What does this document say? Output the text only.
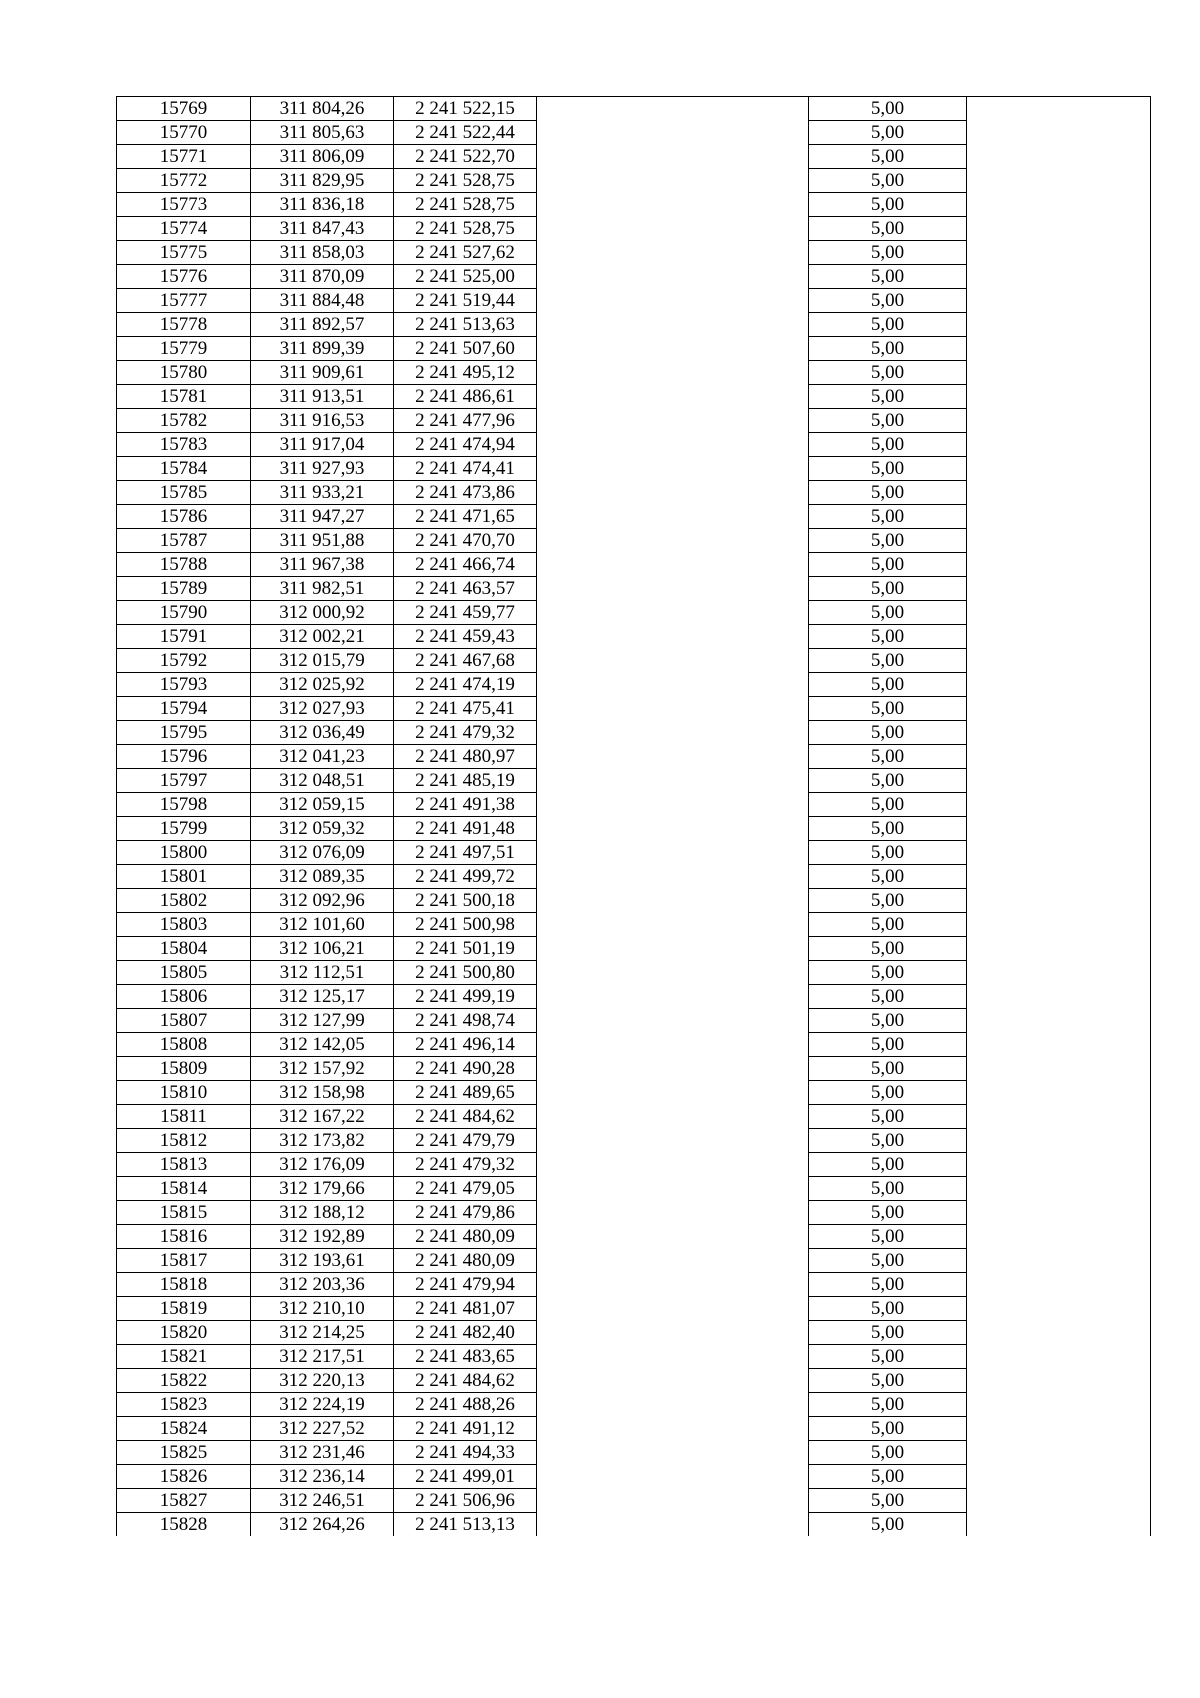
15769	311 804,26	2 241 522,15		5,00	
15770	311 805,63	2 241 522,44		5,00	
15771	311 806,09	2 241 522,70		5,00	
15772	311 829,95	2 241 528,75		5,00	
15773	311 836,18	2 241 528,75		5,00	
15774	311 847,43	2 241 528,75		5,00	
15775	311 858,03	2 241 527,62		5,00	
15776	311 870,09	2 241 525,00		5,00	
15777	311 884,48	2 241 519,44		5,00	
15778	311 892,57	2 241 513,63		5,00	
15779	311 899,39	2 241 507,60		5,00	
15780	311 909,61	2 241 495,12		5,00	
15781	311 913,51	2 241 486,61		5,00	
15782	311 916,53	2 241 477,96		5,00	
15783	311 917,04	2 241 474,94		5,00	
15784	311 927,93	2 241 474,41		5,00	
15785	311 933,21	2 241 473,86		5,00	
15786	311 947,27	2 241 471,65		5,00	
15787	311 951,88	2 241 470,70		5,00	
15788	311 967,38	2 241 466,74		5,00	
15789	311 982,51	2 241 463,57		5,00	
15790	312 000,92	2 241 459,77		5,00	
15791	312 002,21	2 241 459,43		5,00	
15792	312 015,79	2 241 467,68		5,00	
15793	312 025,92	2 241 474,19		5,00	
15794	312 027,93	2 241 475,41		5,00	
15795	312 036,49	2 241 479,32		5,00	
15796	312 041,23	2 241 480,97		5,00	
15797	312 048,51	2 241 485,19		5,00	
15798	312 059,15	2 241 491,38		5,00	
15799	312 059,32	2 241 491,48		5,00	
15800	312 076,09	2 241 497,51		5,00	
15801	312 089,35	2 241 499,72		5,00	
15802	312 092,96	2 241 500,18		5,00	
15803	312 101,60	2 241 500,98		5,00	
15804	312 106,21	2 241 501,19		5,00	
15805	312 112,51	2 241 500,80		5,00	
15806	312 125,17	2 241 499,19		5,00	
15807	312 127,99	2 241 498,74		5,00	
15808	312 142,05	2 241 496,14		5,00	
15809	312 157,92	2 241 490,28		5,00	
15810	312 158,98	2 241 489,65		5,00	
15811	312 167,22	2 241 484,62		5,00	
15812	312 173,82	2 241 479,79		5,00	
15813	312 176,09	2 241 479,32		5,00	
15814	312 179,66	2 241 479,05		5,00	
15815	312 188,12	2 241 479,86		5,00	
15816	312 192,89	2 241 480,09		5,00	
15817	312 193,61	2 241 480,09		5,00	
15818	312 203,36	2 241 479,94		5,00	
15819	312 210,10	2 241 481,07		5,00	
15820	312 214,25	2 241 482,40		5,00	
15821	312 217,51	2 241 483,65		5,00	
15822	312 220,13	2 241 484,62		5,00	
15823	312 224,19	2 241 488,26		5,00	
15824	312 227,52	2 241 491,12		5,00	
15825	312 231,46	2 241 494,33		5,00	
15826	312 236,14	2 241 499,01		5,00	
15827	312 246,51	2 241 506,96		5,00	
15828	312 264,26	2 241 513,13		5,00	
